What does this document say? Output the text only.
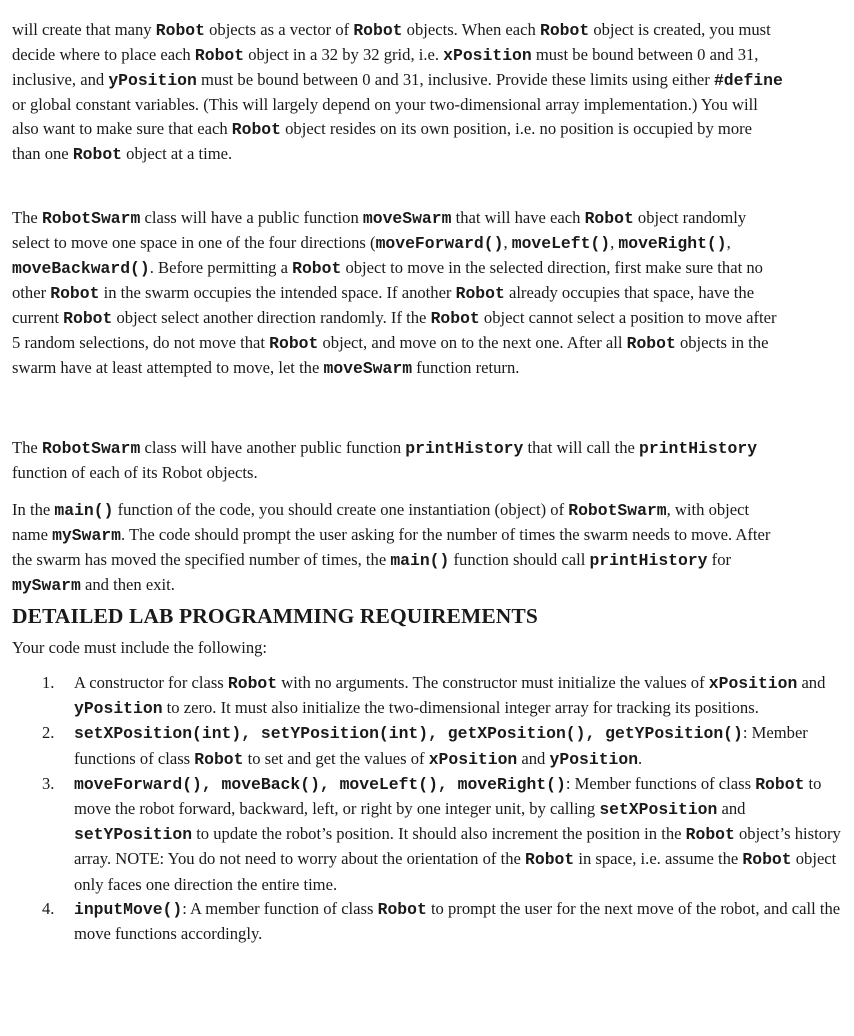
will create that many Robot objects as a vector of Robot objects. When each Robot object is created, you must decide where to place each Robot object in a 32 by 32 grid, i.e. xPosition must be bound between 0 and 31, inclusive, and yPosition must be bound between 0 and 31, inclusive. Provide these limits using either #define or global constant variables. (This will largely depend on your two-dimensional array implementation.) You will also want to make sure that each Robot object resides on its own position, i.e. no position is occupied by more than one Robot object at a time.

The RobotSwarm class will have a public function moveSwarm that will have each Robot object randomly select to move one space in one of the four directions (moveForward(), moveLeft(), moveRight(), moveBackward(). Before permitting a Robot object to move in the selected direction, first make sure that no other Robot in the swarm occupies the intended space. If another Robot already occupies that space, have the current Robot object select another direction randomly. If the Robot object cannot select a position to move after 5 random selections, do not move that Robot object, and move on to the next one. After all Robot objects in the swarm have at least attempted to move, let the moveSwarm function return.

The RobotSwarm class will have another public function printHistory that will call the printHistory function of each of its Robot objects.

In the main() function of the code, you should create one instantiation (object) of RobotSwarm, with object name mySwarm. The code should prompt the user asking for the number of times the swarm needs to move. After the swarm has moved the specified number of times, the main() function should call printHistory for mySwarm and then exit.

DETAILED LAB PROGRAMMING REQUIREMENTS
Your code must include the following:
1. A constructor for class Robot with no arguments. The constructor must initialize the values of xPosition and yPosition to zero. It must also initialize the two-dimensional integer array for tracking its positions.
2. setXPosition(int), setYPosition(int), getXPosition(), getYPosition(): Member functions of class Robot to set and get the values of xPosition and yPosition.
3. moveForward(), moveBack(), moveLeft(), moveRight(): Member functions of class Robot to move the robot forward, backward, left, or right by one integer unit, by calling setXPosition and setYPosition to update the robot’s position. It should also increment the position in the Robot object’s history array. NOTE: You do not need to worry about the orientation of the Robot in space, i.e. assume the Robot object only faces one direction the entire time.
4. inputMove(): A member function of class Robot to prompt the user for the next move of the robot, and call the move functions accordingly.
